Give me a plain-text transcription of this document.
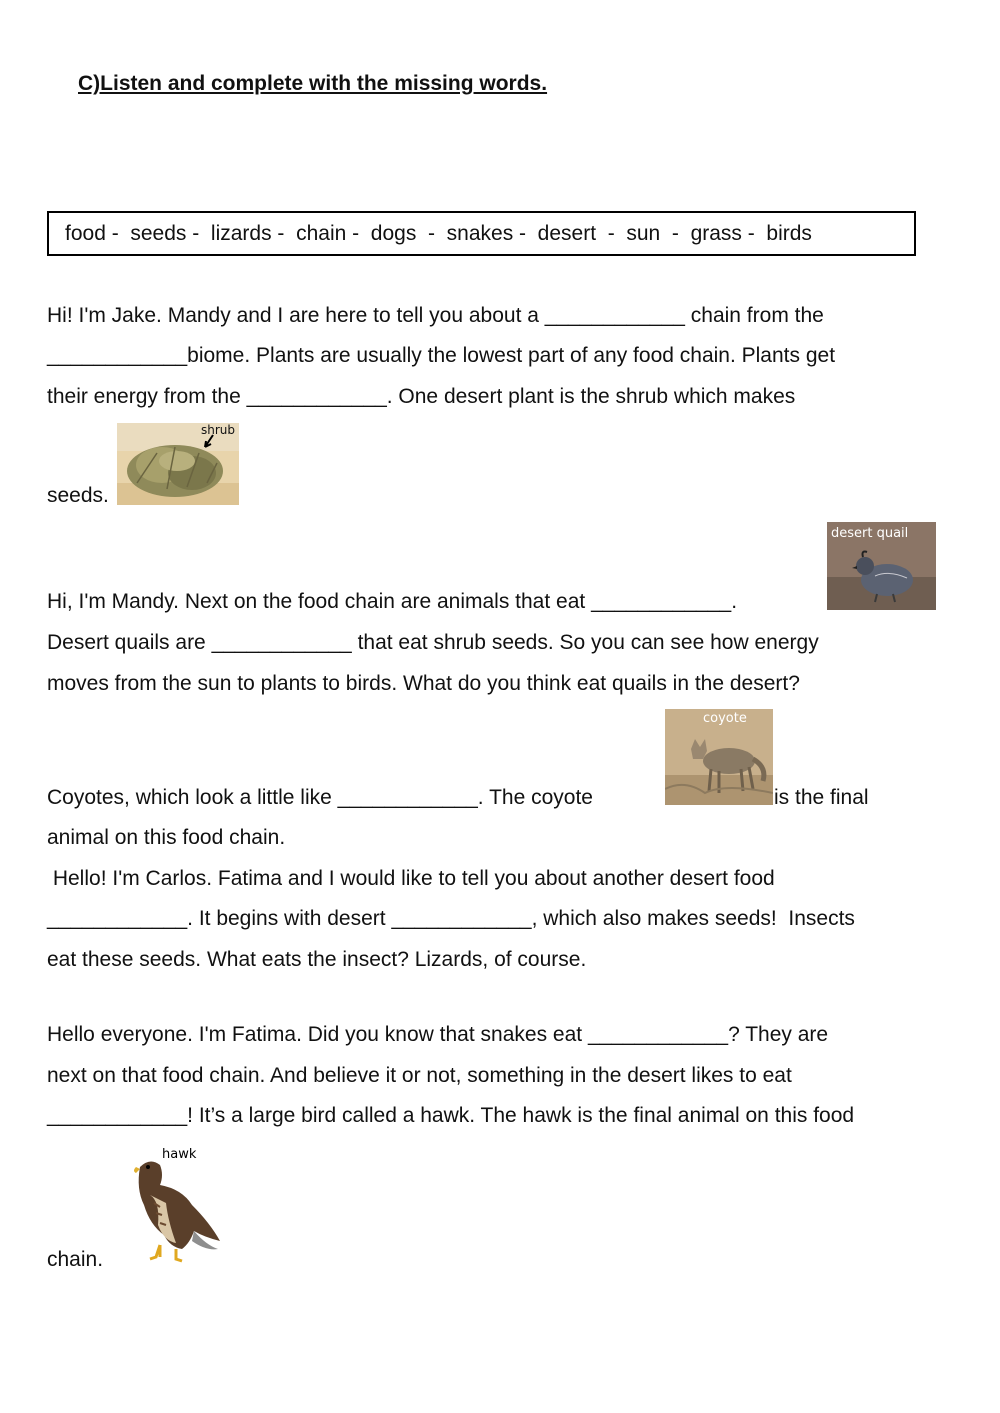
C)Listen and complete with the missing words.
food -  seeds -  lizards -  chain -  dogs  -  snakes -  desert  -  sun  -  grass -  birds
Hi! I'm Jake. Mandy and I are here to tell you about a ____________ chain from the
____________biome. Plants are usually the lowest part of any food chain. Plants get
their energy from the ____________. One desert plant is the shrub which makes
seeds.
shrub
desert quail
Hi, I'm Mandy. Next on the food chain are animals that eat ____________.
Desert quails are ____________ that eat shrub seeds. So you can see how energy
moves from the sun to plants to birds. What do you think eat quails in the desert?
coyote
Coyotes, which look a little like ____________. The coyote	is the final
animal on this food chain.
Hello! I'm Carlos. Fatima and I would like to tell you about another desert food
____________. It begins with desert ____________, which also makes seeds!  Insects
eat these seeds. What eats the insect? Lizards, of course.
Hello everyone. I'm Fatima. Did you know that snakes eat ____________? They are
next on that food chain. And believe it or not, something in the desert likes to eat
____________! It’s a large bird called a hawk. The hawk is the final animal on this food
hawk
chain.
